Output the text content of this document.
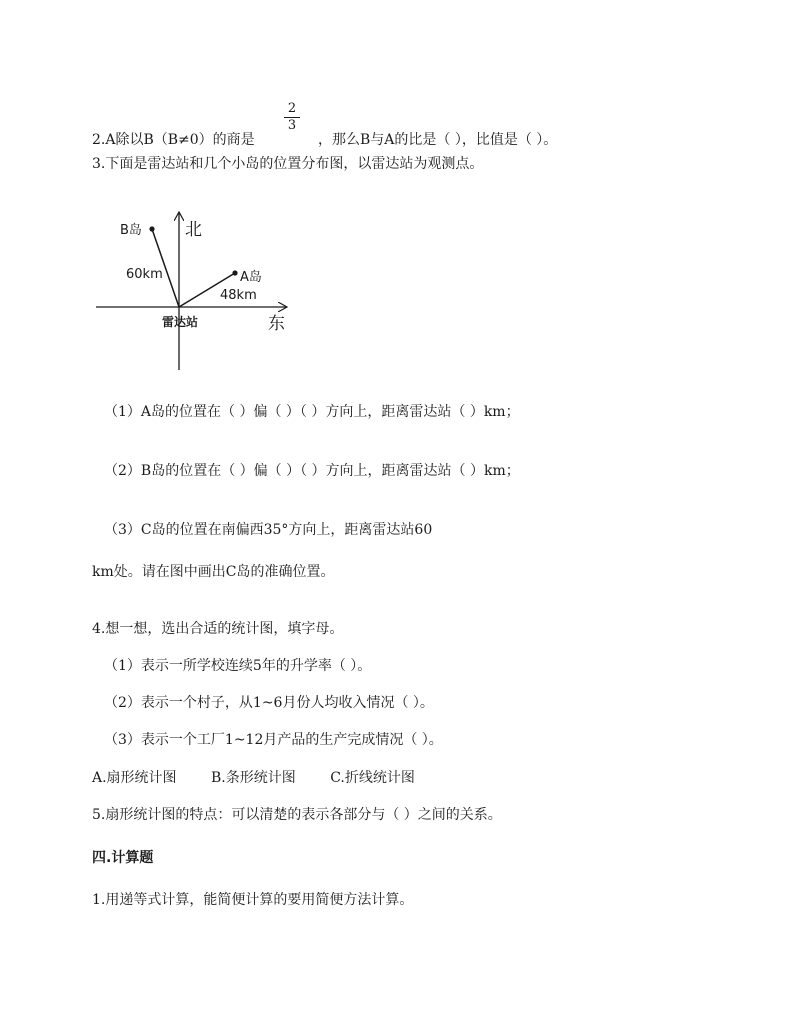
2.A除以B（B≠0）的商是
2
3
，那么B与A的比是（ ），比值是（ ）。
3.下面是雷达站和几个小岛的位置分布图，以雷达站为观测点。
北
东
B岛
A岛
60km
48km
雷达站
（1）A岛的位置在（ ）偏（ ）（ ）方向上，距离雷达站（ ）km；
（2）B岛的位置在（ ）偏（ ）（ ）方向上，距离雷达站（ ）km；
（3）C岛的位置在南偏西35°方向上，距离雷达站60
km处。请在图中画出C岛的准确位置。
4.想一想，选出合适的统计图，填字母。
（1）表示一所学校连续5年的升学率（ ）。
（2）表示一个村子，从1~6月份人均收入情况（ ）。
（3）表示一个工厂1~12月产品的生产完成情况（ ）。
A.扇形统计图 B.条形统计图 C.折线统计图
5.扇形统计图的特点：可以清楚的表示各部分与（ ）之间的关系。
四.计算题
1.用递等式计算，能简便计算的要用简便方法计算。
